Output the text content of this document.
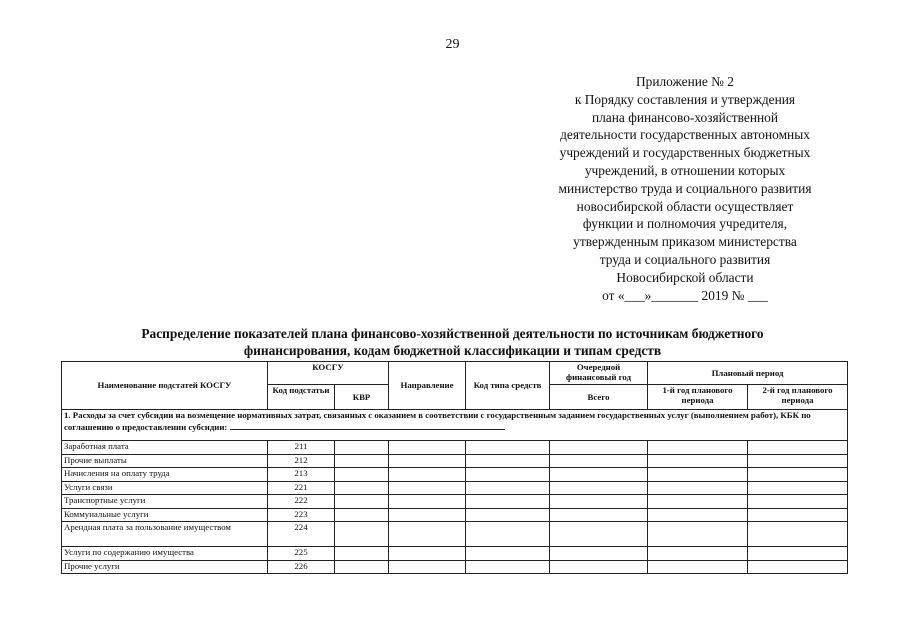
29
Приложение № 2
к Порядку составления и утверждения
плана финансово-хозяйственной
деятельности государственных автономных
учреждений и государственных бюджетных
учреждений, в отношении которых
министерство труда и социального развития
новосибирской области осуществляет
функции и полномочия учредителя,
утвержденным приказом министерства
труда и социального развития
Новосибирской области
от «___»_______ 2019 № ___
Распределение показателей плана финансово-хозяйственной деятельности по источникам бюджетного
финансирования, кодам бюджетной классификации и типам средств
Наименование подстатей КОСГУ	КОСГУ		Направление	Код типа средств	Очередной финансовый год	Плановый период	
	Код подстатьи	КВР			Всего	1-й год планового периода	2-й год планового периода
1. Расходы за счет субсидии на возмещение нормативных затрат, связанных с оказанием в соответствии с государственным заданием государственных услуг (выполнением работ), КБК по соглашению о предоставлении субсидии:							
Заработная плата	211						
Прочие выплаты	212						
Начисления на оплату труда	213						
Услуги связи	221						
Транспортные услуги	222						
Коммунальные услуги	223						
Арендная плата за пользование имуществом	224						
Услуги по содержанию имущества	225						
Прочие услуги	226						
